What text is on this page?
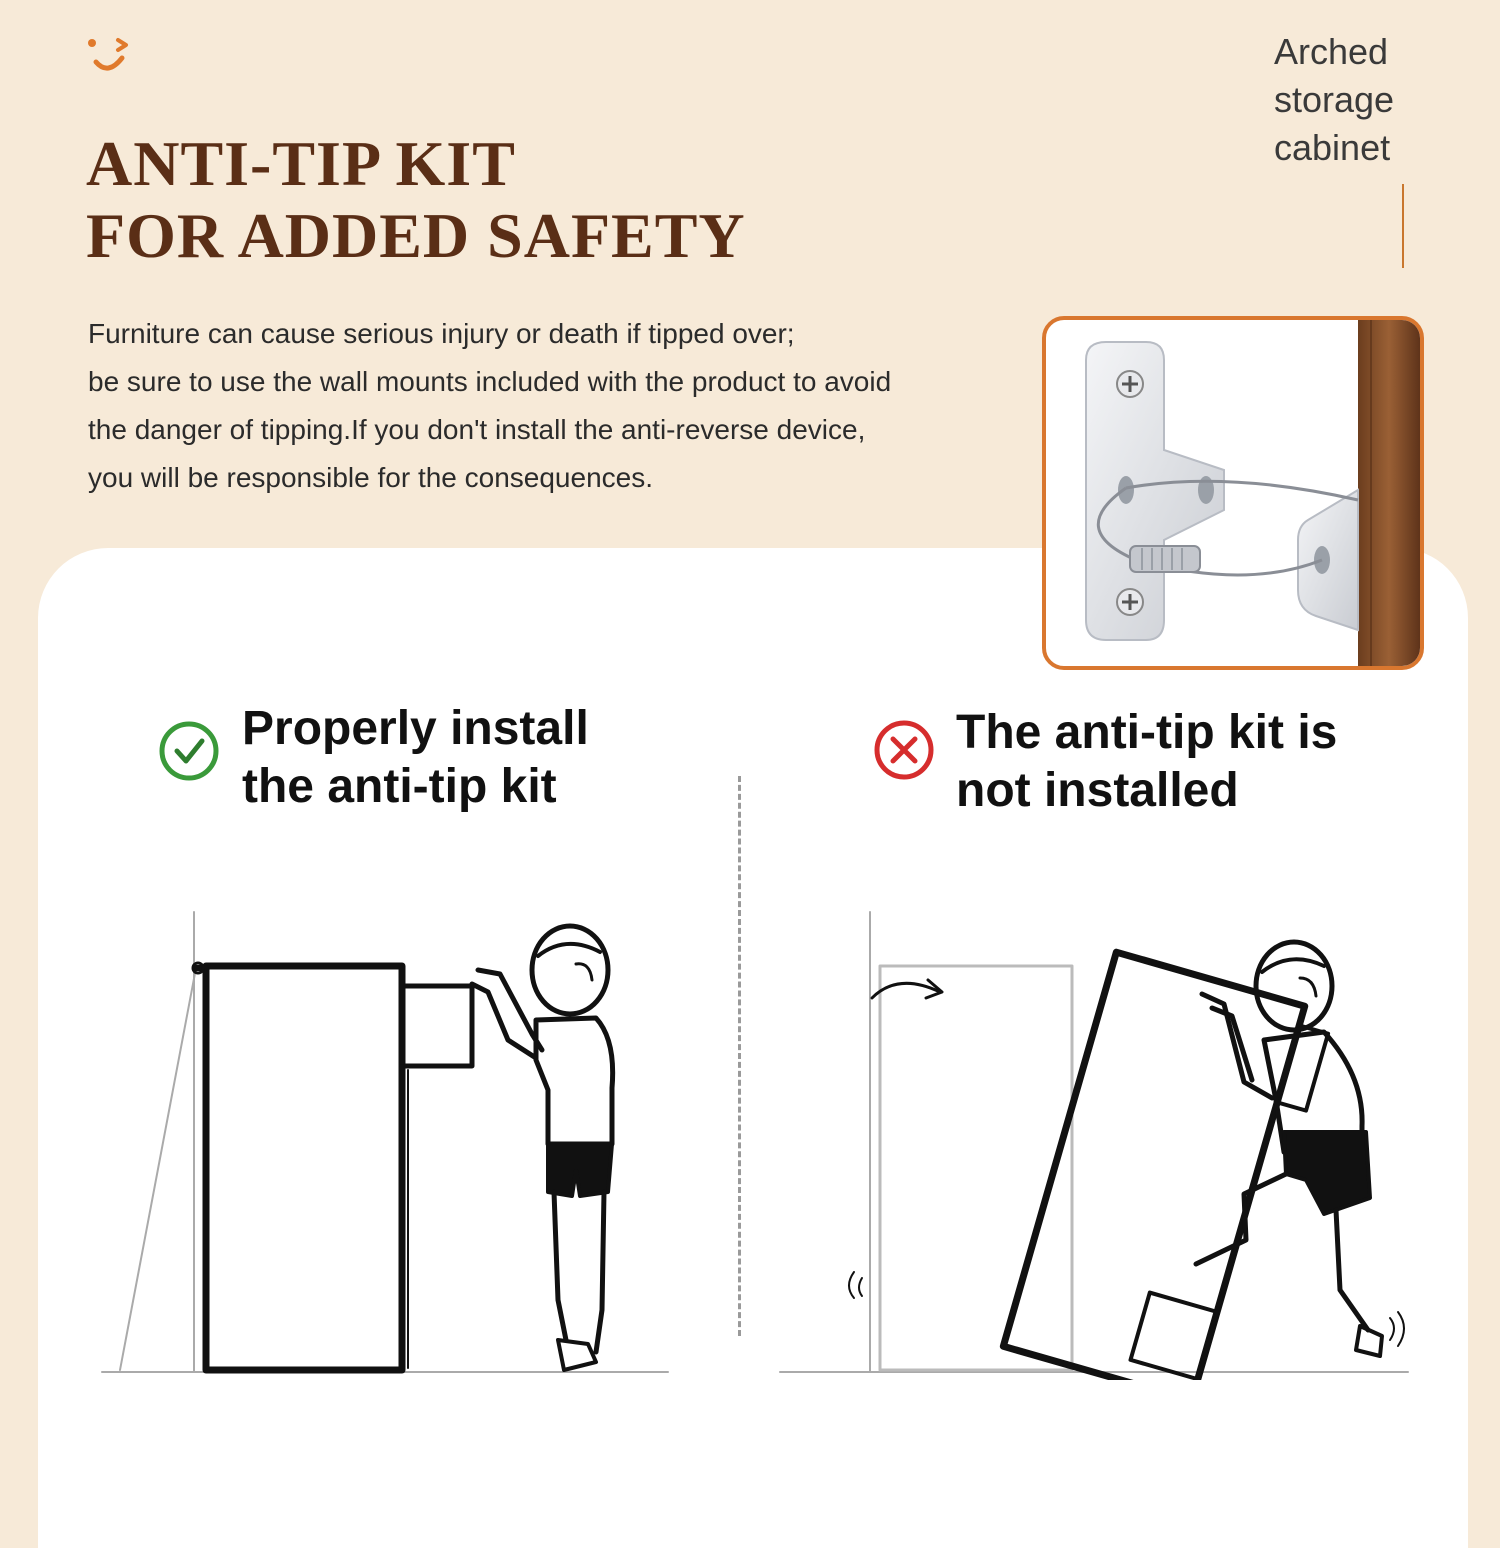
ANTI-TIP KIT
FOR ADDED SAFETY

Arched
storage
cabinet

Furniture can cause serious injury or death if tipped over;
be sure to use the wall mounts included with the product to avoid
the danger of tipping.If you don't install the anti-reverse device,
you will be responsible for the consequences.

Properly install
the anti-tip kit

The anti-tip kit is
not installed
